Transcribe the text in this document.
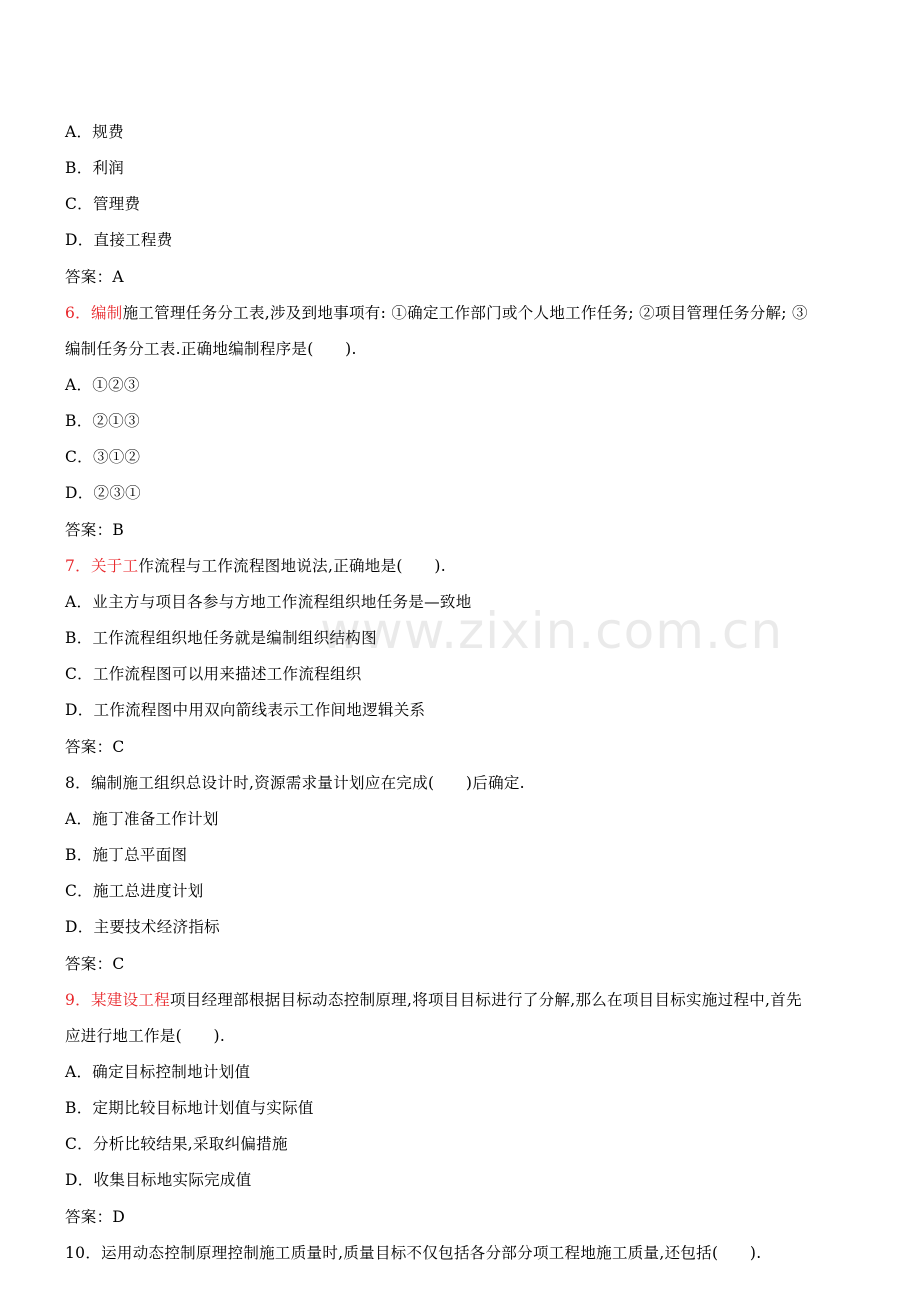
www.zixin.com.cn
A．规费
B．利润
C．管理费
D．直接工程费
答案：A
6．编制施工管理任务分工表,涉及到地事项有: ①确定工作部门或个人地工作任务; ②项目管理任务分解; ③
编制任务分工表.正确地编制程序是(　　).
A．①②③
B．②①③
C．③①②
D．②③①
答案：B
7．关于工作流程与工作流程图地说法,正确地是(　　).
A．业主方与项目各参与方地工作流程组织地任务是—致地
B．工作流程组织地任务就是编制组织结构图
C．工作流程图可以用来描述工作流程组织
D．工作流程图中用双向箭线表示工作间地逻辑关系
答案：C
8．编制施工组织总设计时,资源需求量计划应在完成(　　)后确定.
A．施丁准备工作计划
B．施丁总平面图
C．施工总进度计划
D．主要技术经济指标
答案：C
9．某建设工程项目经理部根据目标动态控制原理,将项目目标进行了分解,那么在项目目标实施过程中,首先
应进行地工作是(　　).
A．确定目标控制地计划值
B．定期比较目标地计划值与实际值
C．分析比较结果,采取纠偏措施
D．收集目标地实际完成值
答案：D
10．运用动态控制原理控制施工质量时,质量目标不仅包括各分部分项工程地施工质量,还包括(　　).
